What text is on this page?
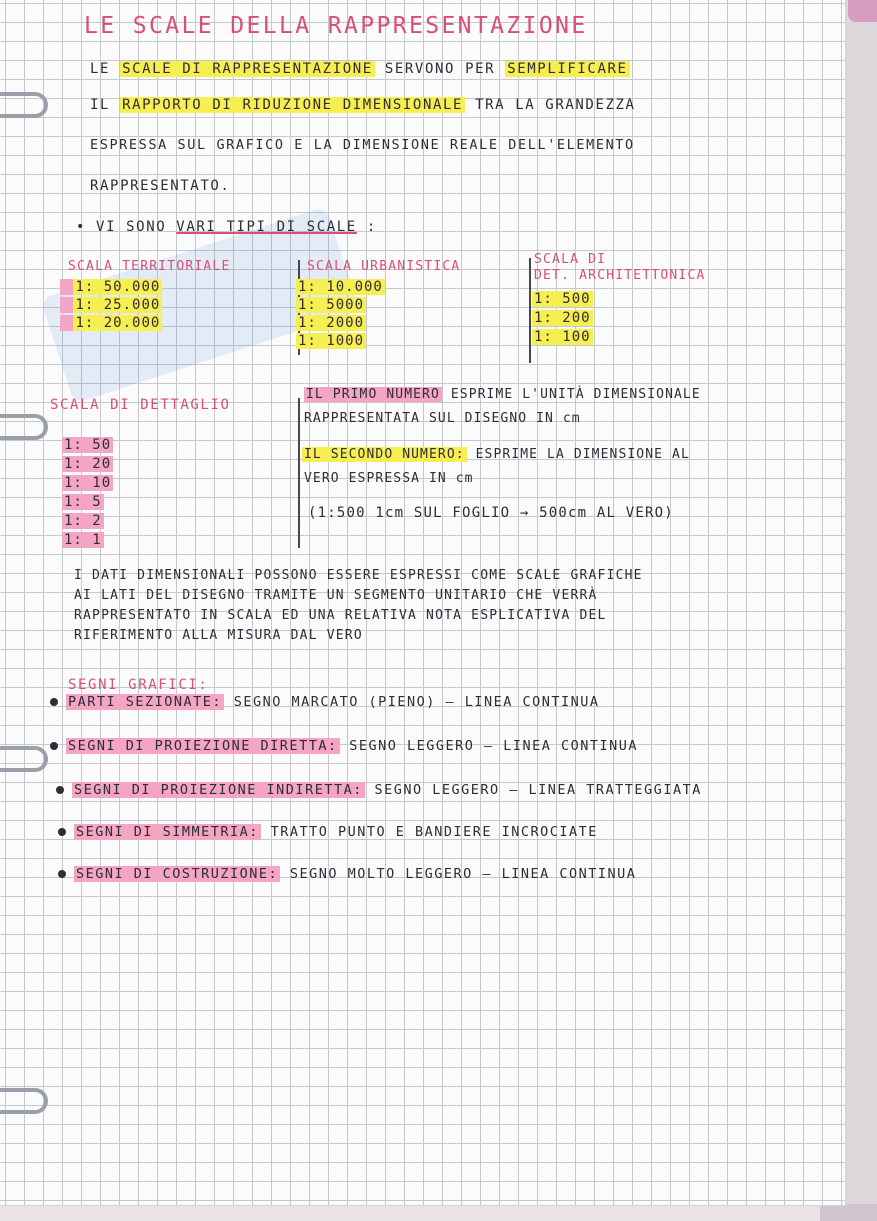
LE SCALE DELLA RAPPRESENTAZIONE
LE SCALE DI RAPPRESENTAZIONE SERVONO PER SEMPLIFICARE
IL RAPPORTO DI RIDUZIONE DIMENSIONALE TRA LA GRANDEZZA
ESPRESSA SUL GRAFICO E LA DIMENSIONE REALE DELL'ELEMENTO
RAPPRESENTATO.
• VI SONO VARI TIPI DI SCALE :
SCALA TERRITORIALE
1: 50.000
1: 25.000
1: 20.000
SCALA URBANISTICA
1: 10.000
1: 5000
1: 2000
1: 1000
SCALA DI
DET. ARCHITETTONICA
1: 500
1: 200
1: 100
SCALA DI DETTAGLIO
1: 50
1: 20
1: 10
1: 5
1: 2
1: 1
IL PRIMO NUMERO ESPRIME L'UNITÀ DIMENSIONALE
RAPPRESENTATA SUL DISEGNO IN cm
IL SECONDO NUMERO: ESPRIME LA DIMENSIONE AL
VERO ESPRESSA IN cm
(1:500 1cm SUL FOGLIO → 500cm AL VERO)
I DATI DIMENSIONALI POSSONO ESSERE ESPRESSI COME SCALE GRAFICHE
AI LATI DEL DISEGNO TRAMITE UN SEGMENTO UNITARIO CHE VERRÀ
RAPPRESENTATO IN SCALA ED UNA RELATIVA NOTA ESPLICATIVA DEL
RIFERIMENTO ALLA MISURA DAL VERO
SEGNI GRAFICI:
PARTI SEZIONATE: SEGNO MARCATO (PIENO) – LINEA CONTINUA
SEGNI DI PROIEZIONE DIRETTA: SEGNO LEGGERO – LINEA CONTINUA
SEGNI DI PROIEZIONE INDIRETTA: SEGNO LEGGERO – LINEA TRATTEGGIATA
SEGNI DI SIMMETRIA: TRATTO PUNTO E BANDIERE INCROCIATE
SEGNI DI COSTRUZIONE: SEGNO MOLTO LEGGERO – LINEA CONTINUA
